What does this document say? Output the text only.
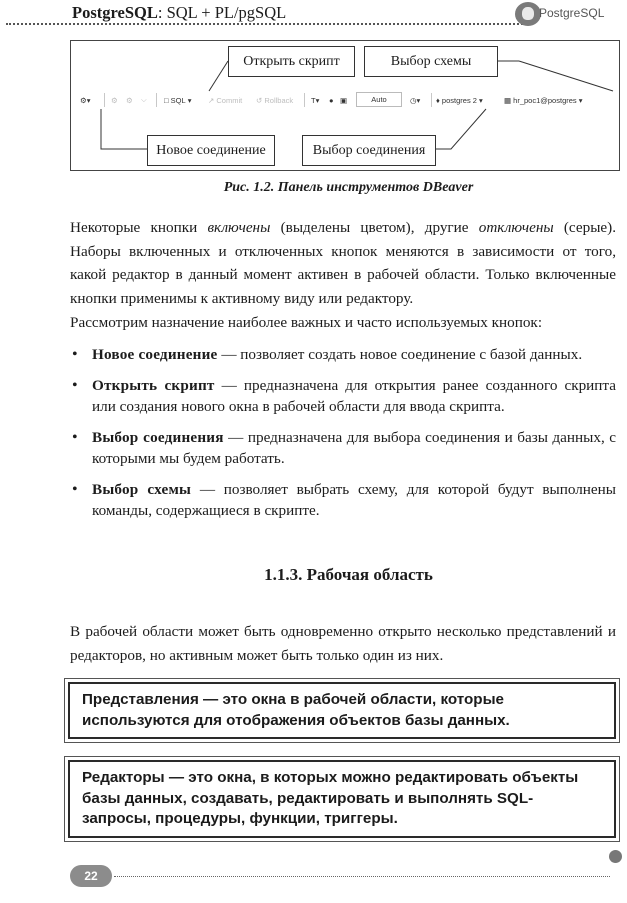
PostgreSQL: SQL + PL/pgSQL	PostgreSQL
Открыть скрипт	Выбор схемы
Новое соединение	Выбор соединения
⚙▾	⚙ ⚙ ⌵ □ SQL ▾ ↗ Commit ↺ Rollback T▾ ● ▣	Auto	◷▾ ♦ postgres 2 ▾	▦ hr_poc1@postgres ▾
Рис. 1.2. Панель инструментов DBeaver

Некоторые кнопки включены (выделены цветом), другие отключены (серые). Наборы включенных и отключенных кнопок меняются в зависимости от того, какой редактор в данный момент активен в рабочей области. Только включенные кнопки применимы к активному виду или редактору.

Рассмотрим назначение наиболее важных и часто используемых кнопок:

• Новое соединение — позволяет создать новое соединение с базой данных.
• Открыть скрипт — предназначена для открытия ранее созданного скрипта или создания нового окна в рабочей области для ввода скрипта.
• Выбор соединения — предназначена для выбора соединения и базы данных, с которыми мы будем работать.
• Выбор схемы — позволяет выбрать схему, для которой будут выполнены команды, содержащиеся в скрипте.
1.1.3. Рабочая область

В рабочей области может быть одновременно открыто несколько представлений и редакторов, но активным может быть только один из них.

Представления — это окна в рабочей области, которые используются для отображения объектов базы данных.
Редакторы — это окна, в которых можно редактировать объекты базы данных, создавать, редактировать и выполнять SQL-запросы, процедуры, функции, триггеры.
22
